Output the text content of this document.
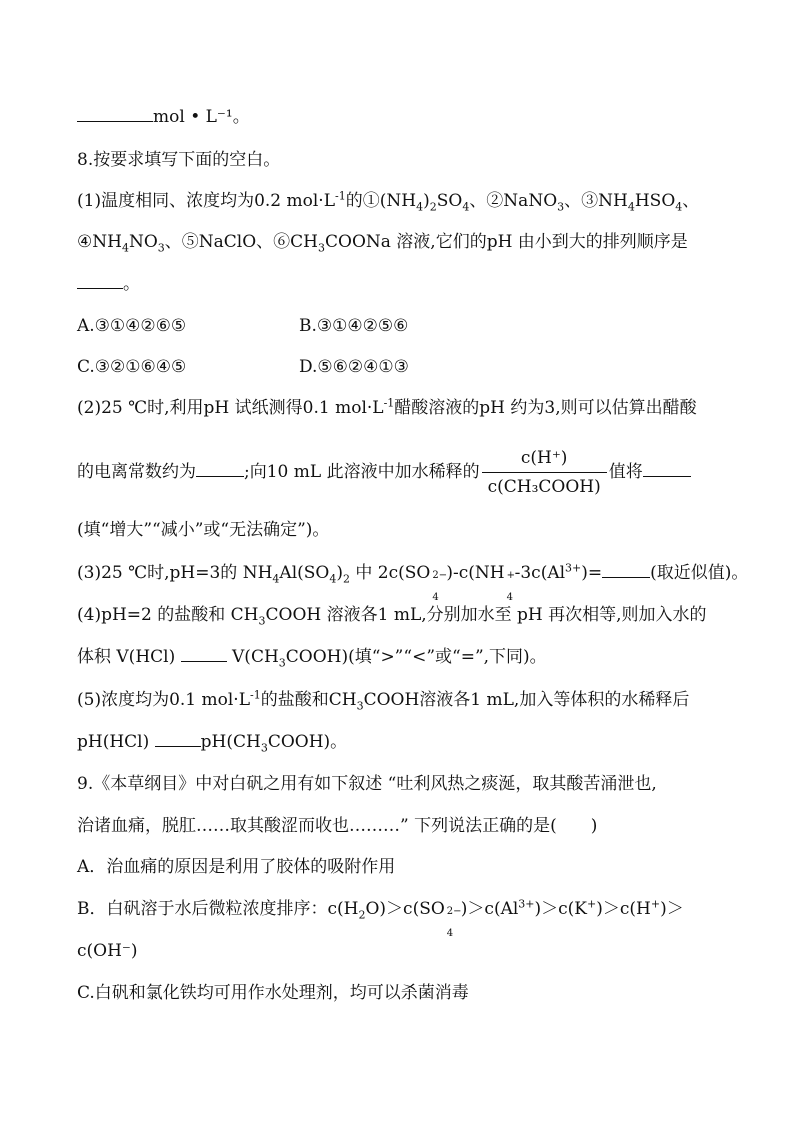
mol • L⁻¹。
8.按要求填写下面的空白。
(1)温度相同、浓度均为0.2 $mol\cdot L^{-1}$的$①(NH_4)_2SO_4$、②NaNO$_3$、$③NH_4HSO_4$、
$④NH_4NO_3$、⑤NaClO、$⑥CH_3COONa$ 溶液,它们的pH 由小到大的排列顺序是
。
A.③①④②⑥⑤	B.③①④②⑤⑥
C.③②①⑥④⑤	D.⑤⑥②④①③
(2)25 ℃时,利用pH 试纸测得0.1 $mol\cdot L^{-1}$醋酸溶液的pH 约为3,则可以估算出醋酸
的电离常数约为	;向10 mL 此溶液中加水稀释的 $\frac{c(H^+)}{\text{c(CH₃COOH)}}$ 值将
(填“增大”“减小”或“无法确定”)。
(3)25 ℃时,pH=3的 $NH_4Al(SO_4)_2$ 中 2c(SO 2−
4
)-c(NH +
4
$-3c(Al^{3+})=$	(取近似值)。
(4)pH=2 的盐酸和 $CH_3COOH$ 溶液各1 mL,分别加水至 pH 再次相等,则加入水的
体积 V(HCl)	$V(CH_3COOH)$(填“>”“<”或“=”,下同)。
(5)浓度均为0.1 $mol\cdot L^{-1}$的盐酸和$CH_3COOH$溶液各1 mL,加入等体积的水稀释后
pH(HCl)	$pH(CH_3COOH)$。
9.《本草纲目》中对白矾之用有如下叙述 “吐利风热之痰涎，取其酸苦涌泄也,
治诸血痛，脱肛……取其酸涩而收也………” 下列说法正确的是(　　)
A．治血痛的原因是利用了胶体的吸附作用
B．白矾溶于水后微粒浓度排序：$c(H_2O)>c(SO$ 2−
4
)$>c(Al^{3+})>c(K^+)>c(H^+)>$
c(OH⁻)
C.白矾和氯化铁均可用作水处理剂，均可以杀菌消毒
